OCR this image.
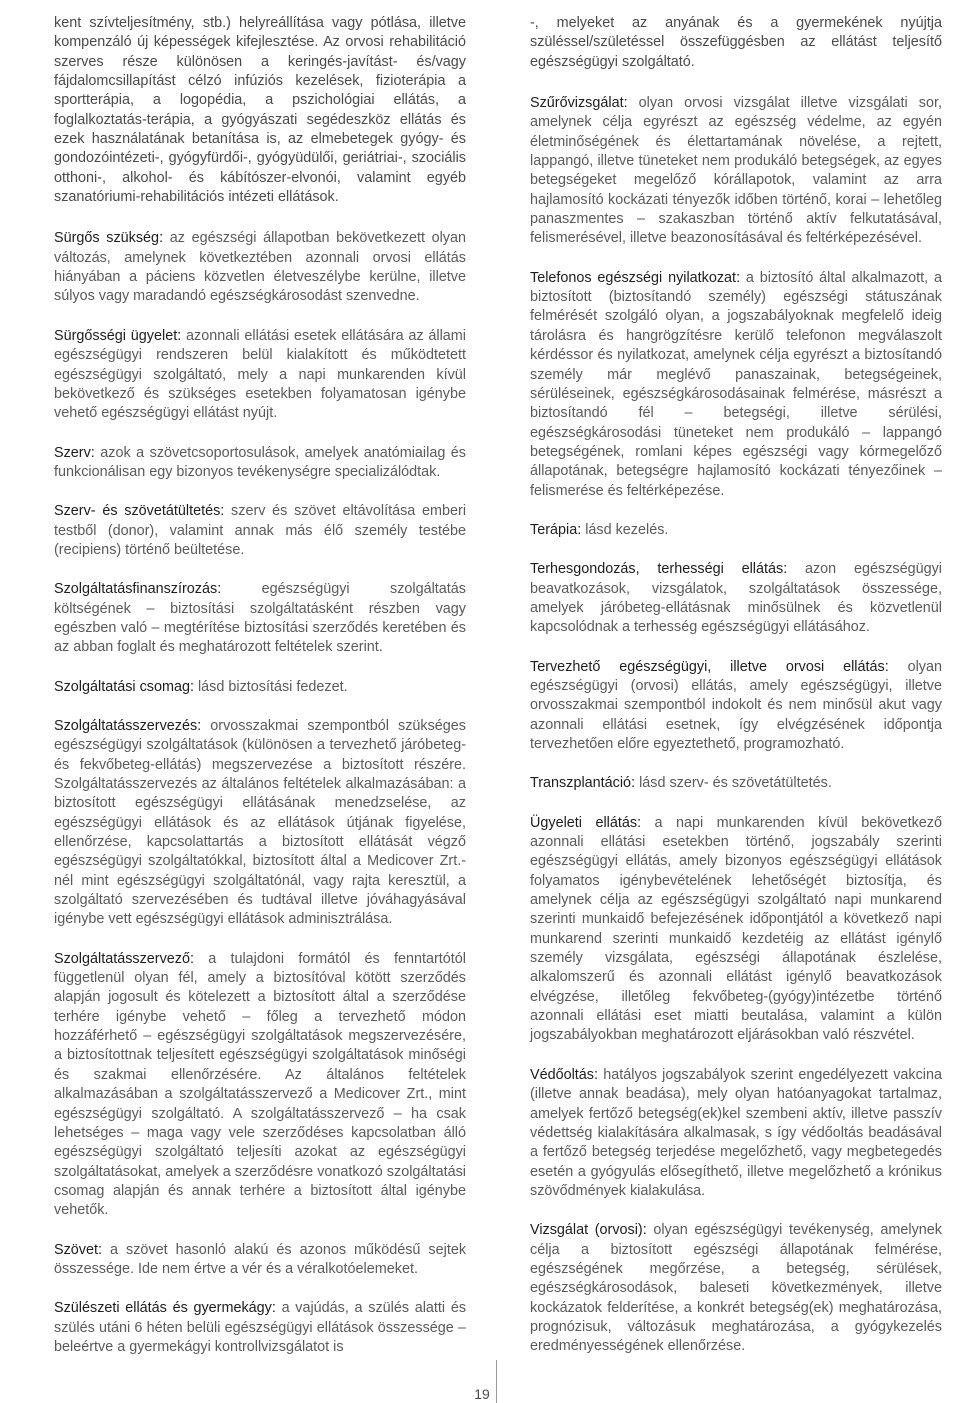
kent szívteljesítmény, stb.) helyreállítása vagy pótlása, illetve kompenzáló új képességek kifejlesztése. Az orvosi rehabilitáció szerves része különösen a keringés-javítást- és/vagy fájdalomcsillapítást célzó infúziós kezelések, fizioterápia a sportterápia, a logopédia, a pszichológiai ellátás, a foglalkoztatás-terápia, a gyógyászati segédeszköz ellátás és ezek használatának betanítása is, az elmebetegek gyógy- és gondozóintézeti-, gyógyfürdői-, gyógyüdülői, geriátriai-, szociális otthoni-, alkohol- és kábítószer-elvonói, valamint egyéb szanatóriumi-rehabilitációs intézeti ellátások.

Sürgős szükség : az egészségi állapotban bekövetkezett olyan változás, amelynek következtében azonnali orvosi ellátás hiányában a páciens közvetlen életveszélybe kerülne, illetve súlyos vagy maradandó egészségkárosodást szenvedne.

Sürgősségi ügyelet : azonnali ellátási esetek ellátására az állami egészségügyi rendszeren belül kialakított és működtetett egészségügyi szolgáltató, mely a napi munkarenden kívül bekövetkező és szükséges esetekben folyamatosan igénybe vehető egészségügyi ellátást nyújt.

Szerv : azok a szövetcsoportosulások, amelyek anatómiailag és funkcionálisan egy bizonyos tevékenységre specializálódtak.

Szerv- és szövetátültetés : szerv és szövet eltávolítása emberi testből (donor), valamint annak más élő személy testébe (recipiens) történő beültetése.

Szolgáltatásfinanszírozás :	egészségügyi szolgáltatás költségének – biztosítási szolgáltatásként részben vagy egészben való – megtérítése biztosítási szerződés keretében és az abban foglalt és meghatározott feltételek szerint.

Szolgáltatási csomag : lásd biztosítási fedezet.

Szolgáltatásszervezés : orvosszakmai szempontból szükséges egészségügyi szolgáltatások (különösen a tervezhető járóbeteg- és fekvőbeteg-ellátás) megszervezése a biztosított részére. Szolgáltatásszervezés az általános feltételek alkalmazásában: a biztosított egészségügyi ellátásának menedzselése, az egészségügyi ellátások és az ellátások útjának figyelése, ellenőrzése, kapcsolattartás a biztosított ellátását végző egészségügyi szolgáltatókkal, biztosított által a Medicover Zrt.-nél mint egészségügyi szolgáltatónál, vagy rajta keresztül, a szolgáltató szervezésében és tudtával illetve jóváhagyásával igénybe vett egészségügyi ellátások adminisztrálása.

Szolgáltatásszervező : a tulajdoni formától és fenntartótól függetlenül olyan fél, amely a biztosítóval kötött szerződés alapján jogosult és kötelezett a biztosított által a szerződése terhére igénybe vehető – főleg a tervezhető módon hozzáférhető – egészségügyi szolgáltatások megszervezésére, a biztosítottnak teljesített egészségügyi szolgáltatások minőségi és szakmai ellenőrzésére. Az általános feltételek alkalmazásában a szolgáltatásszervező a Medicover Zrt., mint egészségügyi szolgáltató. A szolgáltatásszervező – ha csak lehetséges – maga vagy vele szerződéses kapcsolatban álló egészségügyi szolgáltató teljesíti azokat az egészségügyi szolgáltatásokat, amelyek a szerződésre vonatkozó szolgáltatási csomag alapján és annak terhére a biztosított által igénybe vehetők.

Szövet : a szövet hasonló alakú és azonos működésű sejtek összessége. Ide nem értve a vér és a véralkotóelemeket.

Szülészeti ellátás és gyermekágy : a vajúdás, a szülés alatti és szülés utáni 6 héten belüli egészségügyi ellátások összessége – beleértve a gyermekágyi kontrollvizsgálatot is

-, melyeket az anyának és a gyermekének nyújtja szüléssel/születéssel összefüggésben az ellátást teljesítő egészségügyi szolgáltató.

Szűrővizsgálat : olyan orvosi vizsgálat illetve vizsgálati sor, amelynek célja egyrészt az egészség védelme, az egyén életminőségének és élettartamának növelése, a rejtett, lappangó, illetve tüneteket nem produkáló betegségek, az egyes betegségeket megelőző kórállapotok, valamint az arra hajlamosító kockázati tényezők időben történő, korai – lehetőleg panaszmentes – szakaszban történő aktív felkutatásával, felismerésével, illetve beazonosításával és feltérképezésével.

Telefonos egészségi nyilatkozat : a biztosító által alkalmazott, a biztosított (biztosítandó személy) egészségi státuszának felmérését szolgáló olyan, a jogszabályoknak megfelelő ideig tárolásra és hangrögzítésre kerülő telefonon megválaszolt kérdéssor és nyilatkozat, amelynek célja egyrészt a biztosítandó személy már meglévő panaszainak, betegségeinek, sérüléseinek, egészségkárosodásainak felmérése, másrészt a biztosítandó fél – betegségi, illetve sérülési, egészségkárosodási tüneteket nem produkáló – lappangó betegségének, romlani képes egészségi vagy kórmegelőző állapotának, betegségre hajlamosító kockázati tényezőinek – felismerése és feltérképezése.

Terápia : lásd kezelés.

Terhesgondozás, terhességi ellátás : azon egészségügyi beavatkozások, vizsgálatok, szolgáltatások összessége, amelyek járóbeteg-ellátásnak minősülnek és közvetlenül kapcsolódnak a terhesség egészségügyi ellátásához.

Tervezhető egészségügyi, illetve orvosi ellátás : olyan egészségügyi (orvosi) ellátás, amely egészségügyi, illetve orvosszakmai szempontból indokolt és nem minősül akut vagy azonnali ellátási esetnek, így elvégzésének időpontja tervezhetően előre egyeztethető, programozható.

Transzplantáció : lásd szerv- és szövetátültetés.

Ügyeleti ellátás : a napi munkarenden kívül bekövetkező azonnali ellátási esetekben történő, jogszabály szerinti egészségügyi ellátás, amely bizonyos egészségügyi ellátások folyamatos igénybevételének lehetőségét biztosítja, és amelynek célja az egészségügyi szolgáltató napi munkarend szerinti munkaidő befejezésének időpontjától a következő napi munkarend szerinti munkaidő kezdetéig az ellátást igénylő személy vizsgálata, egészségi állapotának észlelése, alkalomszerű és azonnali ellátást igénylő beavatkozások elvégzése, illetőleg fekvőbeteg-(gyógy)intézetbe történő azonnali ellátási eset miatti beutalása, valamint a külön jogszabályokban meghatározott eljárásokban való részvétel.

Védőoltás : hatályos jogszabályok szerint engedélyezett vakcina (illetve annak beadása), mely olyan hatóanyagokat tartalmaz, amelyek fertőző betegség(ek)kel szembeni aktív, illetve passzív védettség kialakítására alkalmasak, s így védőoltás beadásával a fertőző betegség terjedése megelőzhető, vagy megbetegedés esetén a gyógyulás elősegíthető, illetve megelőzhető a krónikus szövődmények kialakulása.

Vizsgálat (orvosi) : olyan egészségügyi tevékenység, amelynek célja a biztosított egészségi állapotának felmérése, egészségének megőrzése, a betegség, sérülések, egészségkárosodások, baleseti következmények, illetve kockázatok felderítése, a konkrét betegség(ek) meghatározása, prognózisuk, változásuk meghatározása, a gyógykezelés eredményességének ellenőrzése.

19
